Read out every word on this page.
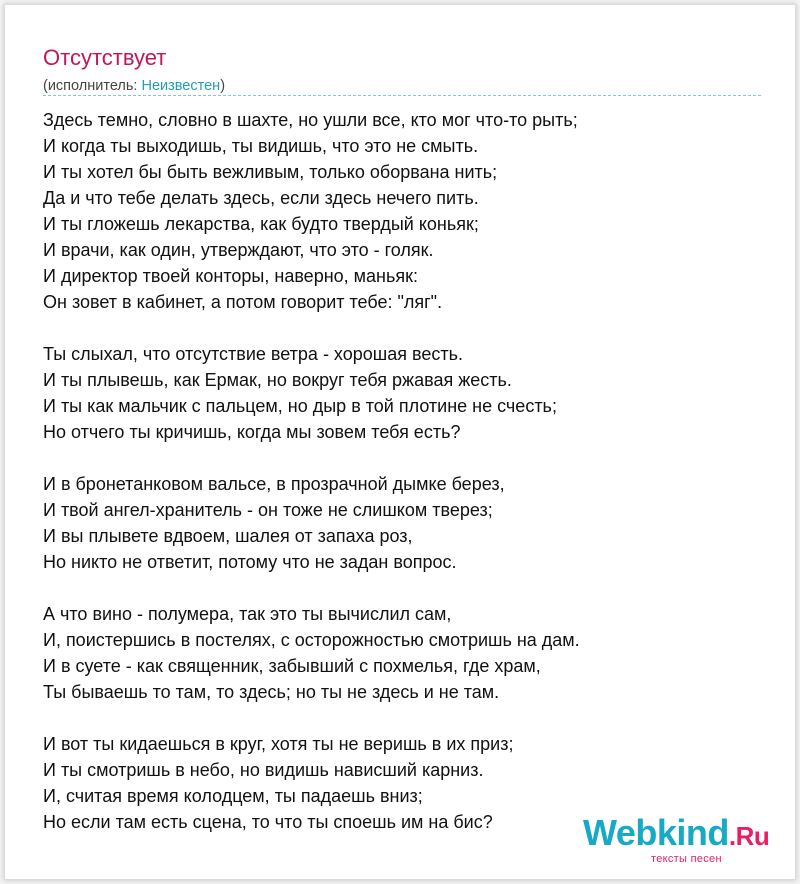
Отсутствует
(исполнитель: Неизвестен)
Здесь темно, словно в шахте, но ушли все, кто мог что-то рыть;
И когда ты выходишь, ты видишь, что это не смыть.
И ты хотел бы быть вежливым, только оборвана нить;
Да и что тебе делать здесь, если здесь нечего пить.
И ты гложешь лекарства, как будто твердый коньяк;
И врачи, как один, утверждают, что это - голяк.
И директор твоей конторы, наверно, маньяк:
Он зовет в кабинет, а потом говорит тебе: "ляг".
Ты слыхал, что отсутствие ветра - хорошая весть.
И ты плывешь, как Ермак, но вокруг тебя ржавая жесть.
И ты как мальчик с пальцем, но дыр в той плотине не счесть;
Но отчего ты кричишь, когда мы зовем тебя есть?
И в бронетанковом вальсе, в прозрачной дымке берез,
И твой ангел-хранитель - он тоже не слишком тверез;
И вы плывете вдвоем, шалея от запаха роз,
Но никто не ответит, потому что не задан вопрос.
А что вино - полумера, так это ты вычислил сам,
И, поистершись в постелях, с осторожностью смотришь на дам.
И в суете - как священник, забывший с похмелья, где храм,
Ты бываешь то там, то здесь; но ты не здесь и не там.
И вот ты кидаешься в круг, хотя ты не веришь в их приз;
И ты смотришь в небо, но видишь нависший карниз.
И, считая время колодцем, ты падаешь вниз;
Но если там есть сцена, то что ты споешь им на бис?	Webkind.Ru
тексты песен
